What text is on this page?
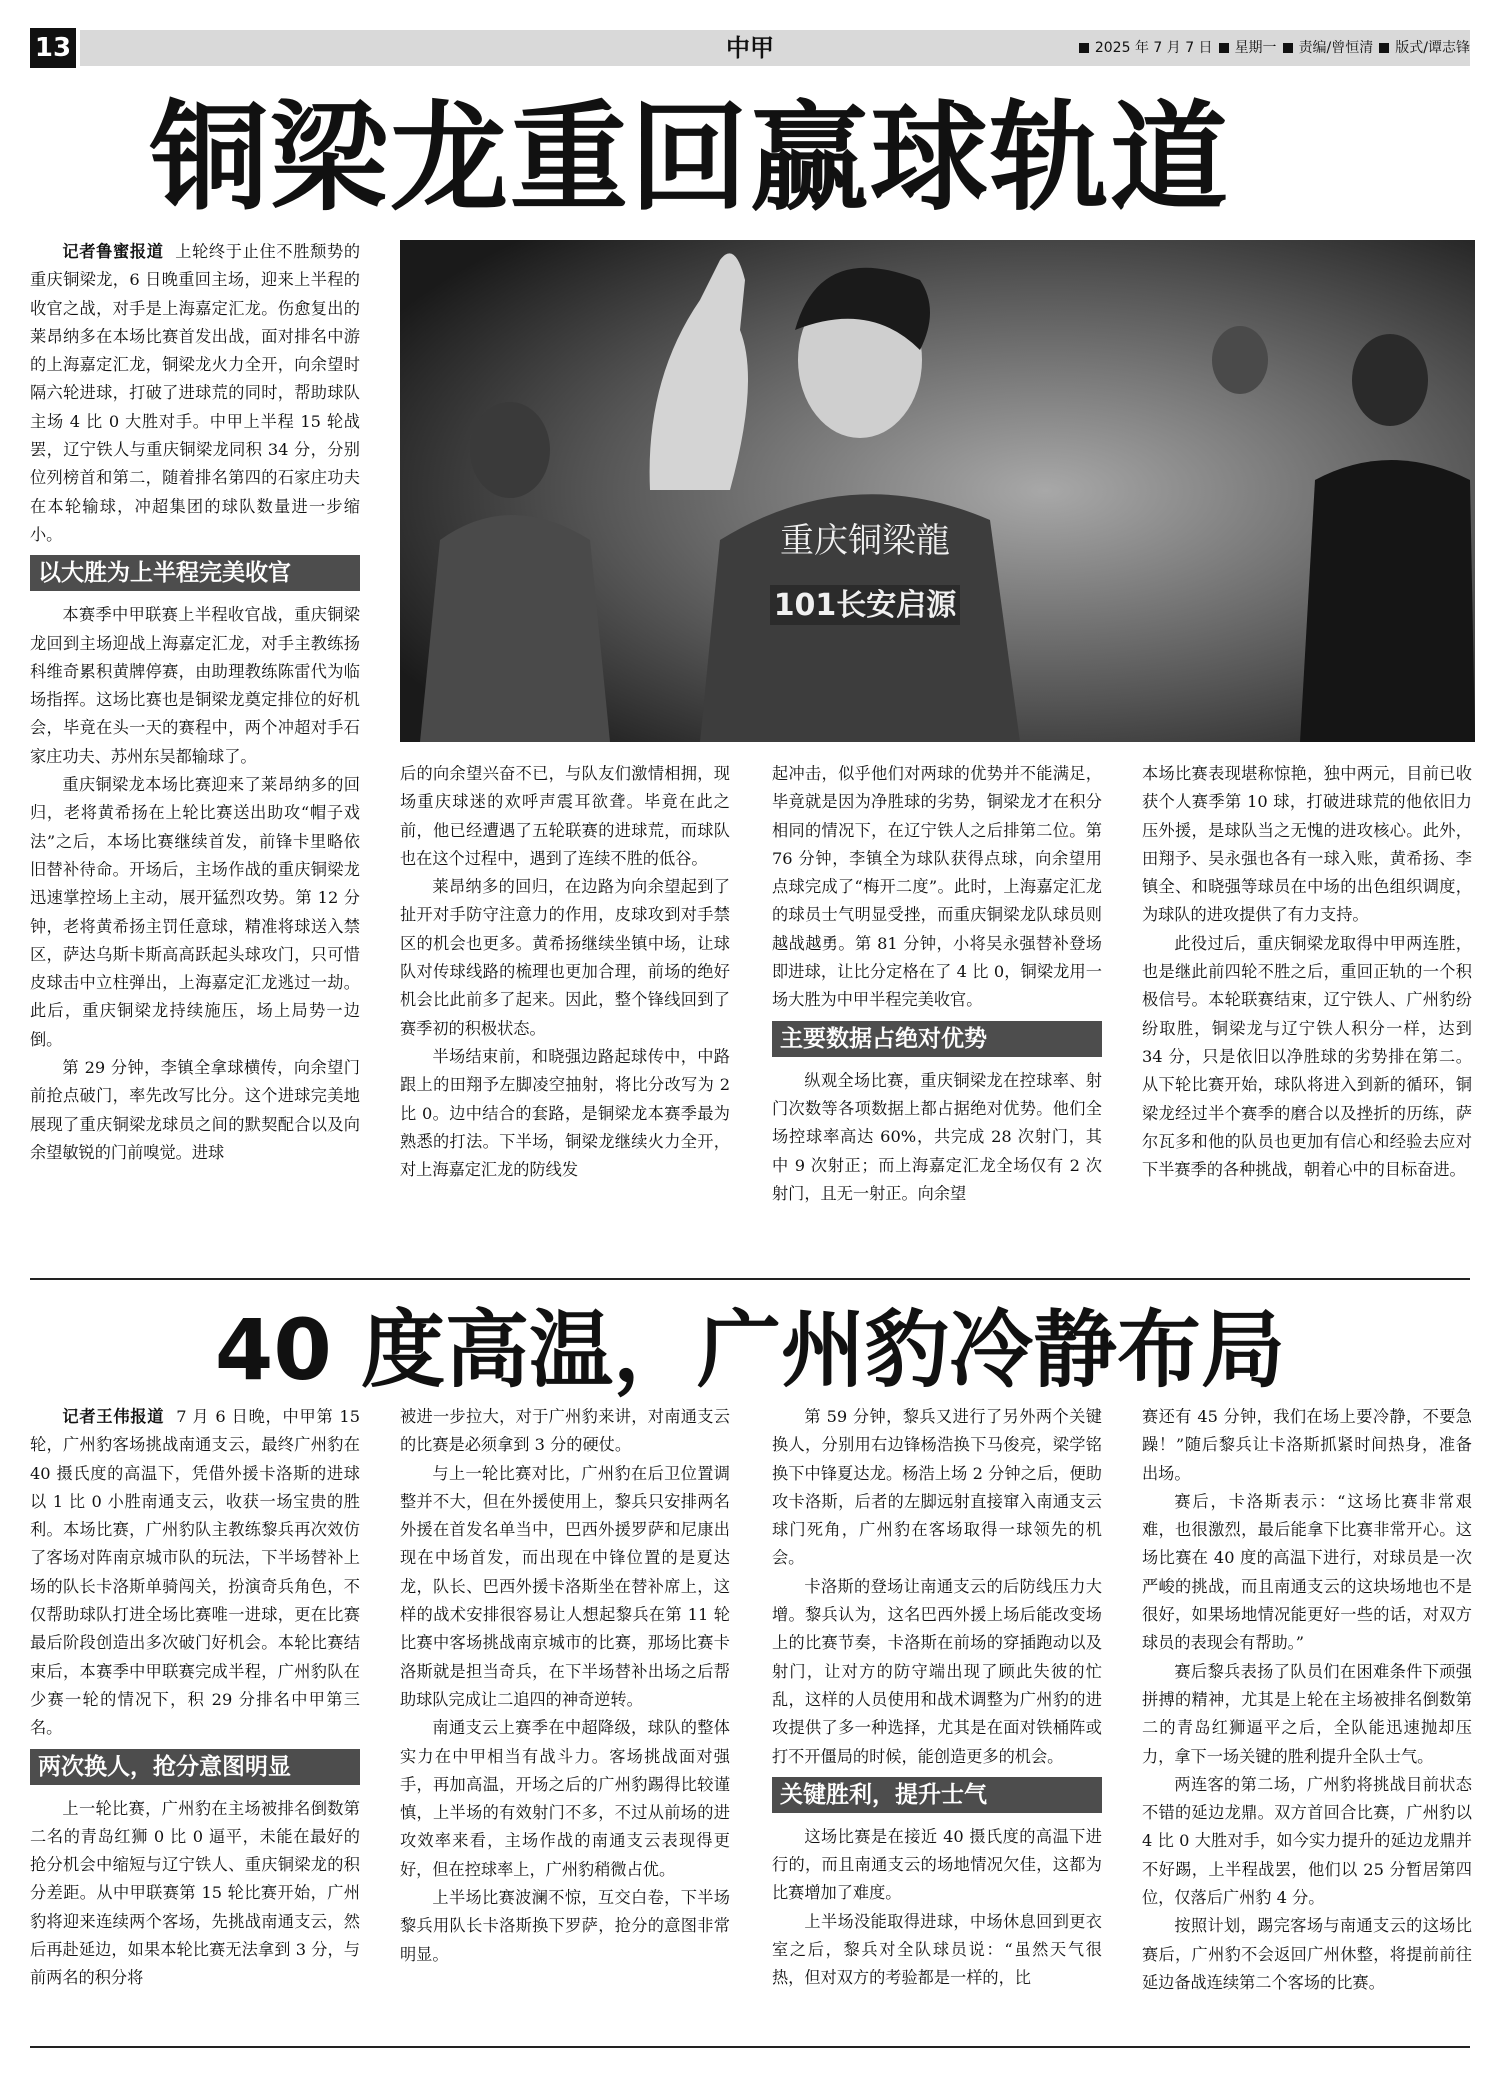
13	中甲	2025 年 7 月 7 日 星期一 责编/曾恒清 版式/谭志锋
铜梁龙重回赢球轨道
重庆铜梁龍
101长安启源

记者鲁蜜报道 上轮终于止住不胜颓势的重庆铜梁龙，6 日晚重回主场，迎来上半程的收官之战，对手是上海嘉定汇龙。伤愈复出的莱昂纳多在本场比赛首发出战，面对排名中游的上海嘉定汇龙，铜梁龙火力全开，向余望时隔六轮进球，打破了进球荒的同时，帮助球队主场 4 比 0 大胜对手。中甲上半程 15 轮战罢，辽宁铁人与重庆铜梁龙同积 34 分，分别位列榜首和第二，随着排名第四的石家庄功夫在本轮输球，冲超集团的球队数量进一步缩小。

以大胜为上半程完美收官

本赛季中甲联赛上半程收官战，重庆铜梁龙回到主场迎战上海嘉定汇龙，对手主教练扬科维奇累积黄牌停赛，由助理教练陈雷代为临场指挥。这场比赛也是铜梁龙奠定排位的好机会，毕竟在头一天的赛程中，两个冲超对手石家庄功夫、苏州东吴都输球了。

重庆铜梁龙本场比赛迎来了莱昂纳多的回归，老将黄希扬在上轮比赛送出助攻“帽子戏法”之后，本场比赛继续首发，前锋卡里略依旧替补待命。开场后，主场作战的重庆铜梁龙迅速掌控场上主动，展开猛烈攻势。第 12 分钟，老将黄希扬主罚任意球，精准将球送入禁区，萨达乌斯卡斯高高跃起头球攻门，只可惜皮球击中立柱弹出，上海嘉定汇龙逃过一劫。此后，重庆铜梁龙持续施压，场上局势一边倒。

第 29 分钟，李镇全拿球横传，向余望门前抢点破门，率先改写比分。这个进球完美地展现了重庆铜梁龙球员之间的默契配合以及向余望敏锐的门前嗅觉。进球

后的向余望兴奋不已，与队友们激情相拥，现场重庆球迷的欢呼声震耳欲聋。毕竟在此之前，他已经遭遇了五轮联赛的进球荒，而球队也在这个过程中，遇到了连续不胜的低谷。

莱昂纳多的回归，在边路为向余望起到了扯开对手防守注意力的作用，皮球攻到对手禁区的机会也更多。黄希扬继续坐镇中场，让球队对传球线路的梳理也更加合理，前场的绝好机会比此前多了起来。因此，整个锋线回到了赛季初的积极状态。

半场结束前，和晓强边路起球传中，中路跟上的田翔予左脚凌空抽射，将比分改写为 2 比 0。边中结合的套路，是铜梁龙本赛季最为熟悉的打法。下半场，铜梁龙继续火力全开，对上海嘉定汇龙的防线发

起冲击，似乎他们对两球的优势并不能满足，毕竟就是因为净胜球的劣势，铜梁龙才在积分相同的情况下，在辽宁铁人之后排第二位。第 76 分钟，李镇全为球队获得点球，向余望用点球完成了“梅开二度”。此时，上海嘉定汇龙的球员士气明显受挫，而重庆铜梁龙队球员则越战越勇。第 81 分钟，小将吴永强替补登场即进球，让比分定格在了 4 比 0，铜梁龙用一场大胜为中甲半程完美收官。

主要数据占绝对优势

纵观全场比赛，重庆铜梁龙在控球率、射门次数等各项数据上都占据绝对优势。他们全场控球率高达 60%，共完成 28 次射门，其中 9 次射正；而上海嘉定汇龙全场仅有 2 次射门，且无一射正。向余望

本场比赛表现堪称惊艳，独中两元，目前已收获个人赛季第 10 球，打破进球荒的他依旧力压外援，是球队当之无愧的进攻核心。此外，田翔予、吴永强也各有一球入账，黄希扬、李镇全、和晓强等球员在中场的出色组织调度，为球队的进攻提供了有力支持。

此役过后，重庆铜梁龙取得中甲两连胜，也是继此前四轮不胜之后，重回正轨的一个积极信号。本轮联赛结束，辽宁铁人、广州豹纷纷取胜，铜梁龙与辽宁铁人积分一样，达到 34 分，只是依旧以净胜球的劣势排在第二。从下轮比赛开始，球队将进入到新的循环，铜梁龙经过半个赛季的磨合以及挫折的历练，萨尔瓦多和他的队员也更加有信心和经验去应对下半赛季的各种挑战，朝着心中的目标奋进。

40 度高温，广州豹冷静布局

记者王伟报道 7 月 6 日晚，中甲第 15 轮，广州豹客场挑战南通支云，最终广州豹在 40 摄氏度的高温下，凭借外援卡洛斯的进球以 1 比 0 小胜南通支云，收获一场宝贵的胜利。本场比赛，广州豹队主教练黎兵再次效仿了客场对阵南京城市队的玩法，下半场替补上场的队长卡洛斯单骑闯关，扮演奇兵角色，不仅帮助球队打进全场比赛唯一进球，更在比赛最后阶段创造出多次破门好机会。本轮比赛结束后，本赛季中甲联赛完成半程，广州豹队在少赛一轮的情况下，积 29 分排名中甲第三名。

两次换人，抢分意图明显

上一轮比赛，广州豹在主场被排名倒数第二名的青岛红狮 0 比 0 逼平，未能在最好的抢分机会中缩短与辽宁铁人、重庆铜梁龙的积分差距。从中甲联赛第 15 轮比赛开始，广州豹将迎来连续两个客场，先挑战南通支云，然后再赴延边，如果本轮比赛无法拿到 3 分，与前两名的积分将

被进一步拉大，对于广州豹来讲，对南通支云的比赛是必须拿到 3 分的硬仗。

与上一轮比赛对比，广州豹在后卫位置调整并不大，但在外援使用上，黎兵只安排两名外援在首发名单当中，巴西外援罗萨和尼康出现在中场首发，而出现在中锋位置的是夏达龙，队长、巴西外援卡洛斯坐在替补席上，这样的战术安排很容易让人想起黎兵在第 11 轮比赛中客场挑战南京城市的比赛，那场比赛卡洛斯就是担当奇兵，在下半场替补出场之后帮助球队完成让二追四的神奇逆转。

南通支云上赛季在中超降级，球队的整体实力在中甲相当有战斗力。客场挑战面对强手，再加高温，开场之后的广州豹踢得比较谨慎，上半场的有效射门不多，不过从前场的进攻效率来看，主场作战的南通支云表现得更好，但在控球率上，广州豹稍微占优。

上半场比赛波澜不惊，互交白卷，下半场黎兵用队长卡洛斯换下罗萨，抢分的意图非常明显。

第 59 分钟，黎兵又进行了另外两个关键换人，分别用右边锋杨浩换下马俊亮，梁学铭换下中锋夏达龙。杨浩上场 2 分钟之后，便助攻卡洛斯，后者的左脚远射直接窜入南通支云球门死角，广州豹在客场取得一球领先的机会。

卡洛斯的登场让南通支云的后防线压力大增。黎兵认为，这名巴西外援上场后能改变场上的比赛节奏，卡洛斯在前场的穿插跑动以及射门，让对方的防守端出现了顾此失彼的忙乱，这样的人员使用和战术调整为广州豹的进攻提供了多一种选择，尤其是在面对铁桶阵或打不开僵局的时候，能创造更多的机会。

关键胜利，提升士气

这场比赛是在接近 40 摄氏度的高温下进行的，而且南通支云的场地情况欠佳，这都为比赛增加了难度。

上半场没能取得进球，中场休息回到更衣室之后，黎兵对全队球员说：“虽然天气很热，但对双方的考验都是一样的，比

赛还有 45 分钟，我们在场上要冷静，不要急躁！”随后黎兵让卡洛斯抓紧时间热身，准备出场。

赛后，卡洛斯表示：“这场比赛非常艰难，也很激烈，最后能拿下比赛非常开心。这场比赛在 40 度的高温下进行，对球员是一次严峻的挑战，而且南通支云的这块场地也不是很好，如果场地情况能更好一些的话，对双方球员的表现会有帮助。”

赛后黎兵表扬了队员们在困难条件下顽强拼搏的精神，尤其是上轮在主场被排名倒数第二的青岛红狮逼平之后，全队能迅速抛却压力，拿下一场关键的胜利提升全队士气。

两连客的第二场，广州豹将挑战目前状态不错的延边龙鼎。双方首回合比赛，广州豹以 4 比 0 大胜对手，如今实力提升的延边龙鼎并不好踢，上半程战罢，他们以 25 分暂居第四位，仅落后广州豹 4 分。

按照计划，踢完客场与南通支云的这场比赛后，广州豹不会返回广州休整，将提前前往延边备战连续第二个客场的比赛。
